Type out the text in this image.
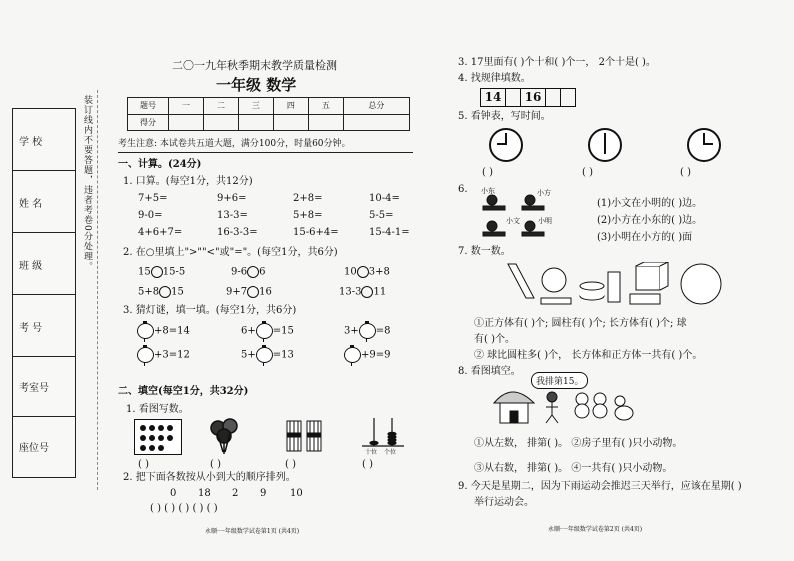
学 校
姓 名
班 级
考 号
考室号
座位号
装订线内不要答题，违者考卷0分处理。
二〇一九年秋季期末教学质量检测
一年级 数学
题号	一	二	三	四	五	总分
得分						
考生注意: 本试卷共五道大题，满分100分，时量60分钟。
一、计算。(24分)
1. 口算。(每空1分，共12分)
7+5=	9+6=	2+8=	10-4=
9-0=	13-3=	5+8=	5-5=
4+6+7=	16-3-3=	15-6+4=	15-4-1=
2. 在○里填上">""<"或"="。(每空1分，共6分)
15 15-5	9-6 6	10 3+8
5+8 15	9+7 16	13-3 11
3. 猜灯谜，填一填。(每空1分，共6分)
+8=14	6+ =15	3+ =8
+3=12	5+ =13	+9=9
二、填空(每空1分，共32分)
1. 看图写数。
十位 个位
( )	( )	( )	( )
2. 把下面各数按从小到大的顺序排列。
0 18 2 9 10
( ) ( ) ( ) ( ) ( )
永顺·一年级数学试卷第1页 (共4页)
3. 17里面有( )个十和( )个一， 2个十是( )。
4. 找规律填数。
14	16
5. 看钟表，写时间。
( )	( )	( )
6. 小东	小方
小文	小明
(1)小文在小明的( )边。
(2)小方在小东的( )边。
(3)小明在小方的( )面
7. 数一数。
①正方体有( )个; 圆柱有( )个; 长方体有( )个; 球
有( )个。
② 球比圆柱多( )个， 长方体和正方体一共有( )个。
8. 看图填空。
我排第15。
①从左数， 排第( )。 ②房子里有( )只小动物。
③从右数， 排第( )。 ④一共有( )只小动物。
9. 今天是星期二，因为下雨运动会推迟三天举行，应该在星期( )
举行运动会。
永顺·一年级数学试卷第2页 (共4页)
